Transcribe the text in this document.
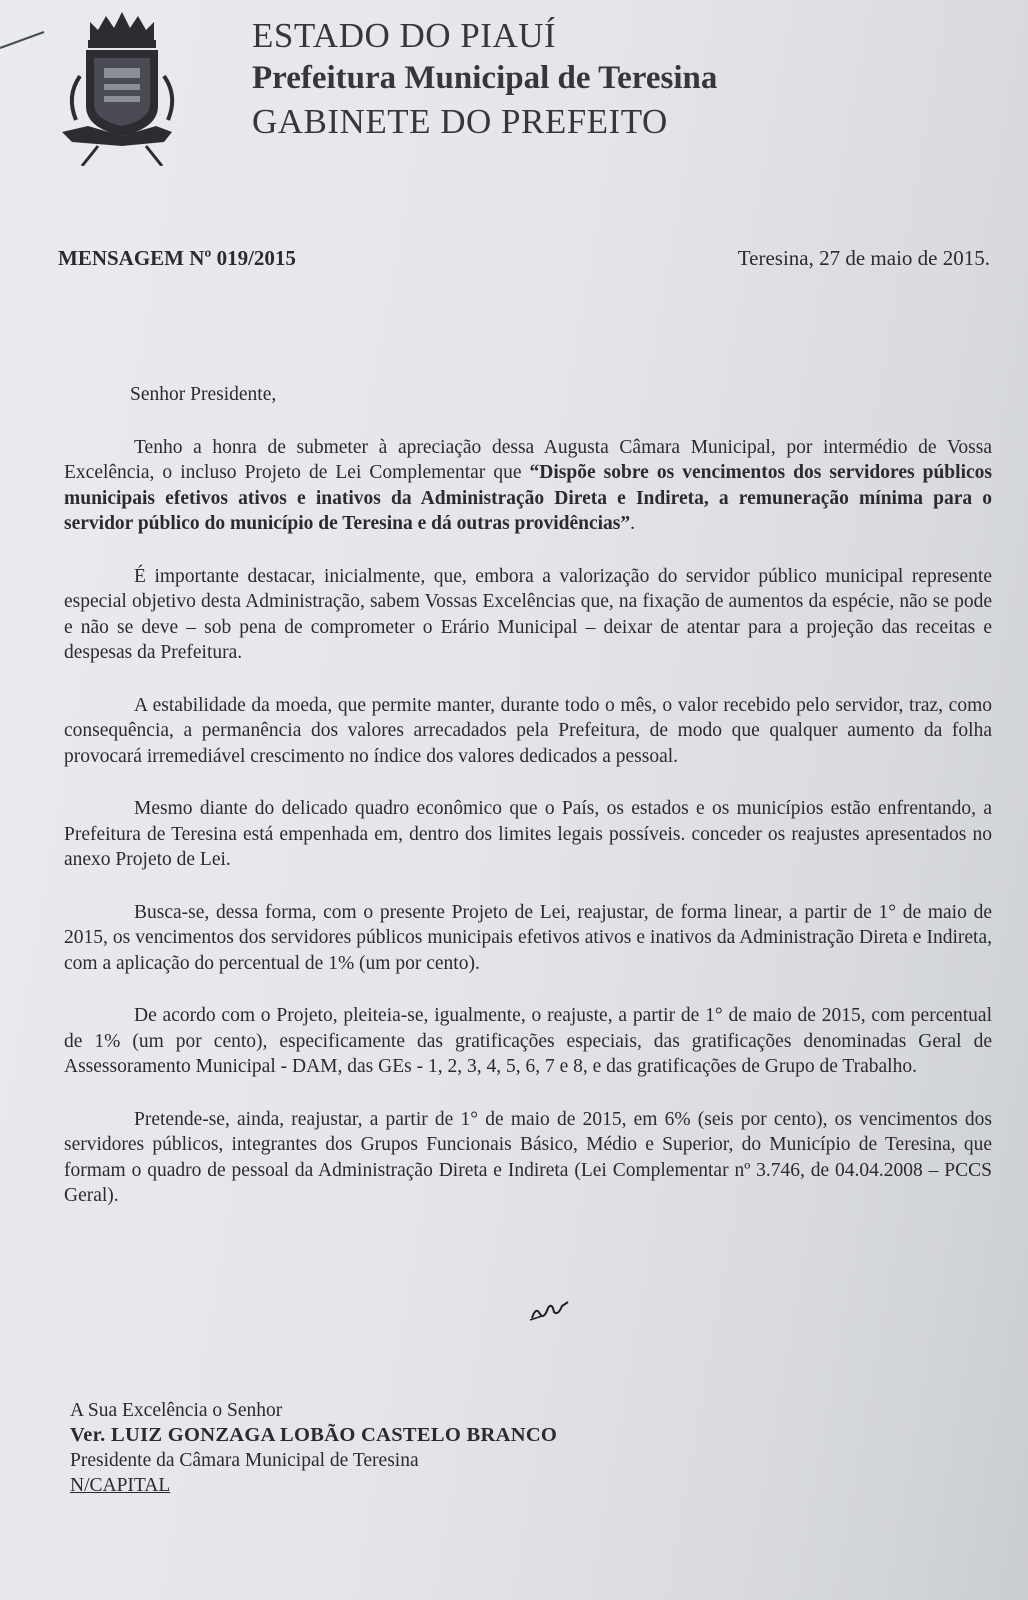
ESTADO DO PIAUÍ
Prefeitura Municipal de Teresina
GABINETE DO PREFEITO
MENSAGEM Nº 019/2015	Teresina, 27 de maio de 2015.

Senhor Presidente,

Tenho a honra de submeter à apreciação dessa Augusta Câmara Municipal, por intermédio de Vossa Excelência, o incluso Projeto de Lei Complementar que “Dispõe sobre os vencimentos dos servidores públicos municipais efetivos ativos e inativos da Administração Direta e Indireta, a remuneração mínima para o servidor público do município de Teresina e dá outras providências”.

É importante destacar, inicialmente, que, embora a valorização do servidor público municipal represente especial objetivo desta Administração, sabem Vossas Excelências que, na fixação de aumentos da espécie, não se pode e não se deve – sob pena de comprometer o Erário Municipal – deixar de atentar para a projeção das receitas e despesas da Prefeitura.

A estabilidade da moeda, que permite manter, durante todo o mês, o valor recebido pelo servidor, traz, como consequência, a permanência dos valores arrecadados pela Prefeitura, de modo que qualquer aumento da folha provocará irremediável crescimento no índice dos valores dedicados a pessoal.

Mesmo diante do delicado quadro econômico que o País, os estados e os municípios estão enfrentando, a Prefeitura de Teresina está empenhada em, dentro dos limites legais possíveis. conceder os reajustes apresentados no anexo Projeto de Lei.

Busca-se, dessa forma, com o presente Projeto de Lei, reajustar, de forma linear, a partir de 1° de maio de 2015, os vencimentos dos servidores públicos municipais efetivos ativos e inativos da Administração Direta e Indireta, com a aplicação do percentual de 1% (um por cento).

De acordo com o Projeto, pleiteia-se, igualmente, o reajuste, a partir de 1° de maio de 2015, com percentual de 1% (um por cento), especificamente das gratificações especiais, das gratificações denominadas Geral de Assessoramento Municipal - DAM, das GEs - 1, 2, 3, 4, 5, 6, 7 e 8, e das gratificações de Grupo de Trabalho.

Pretende-se, ainda, reajustar, a partir de 1° de maio de 2015, em 6% (seis por cento), os vencimentos dos servidores públicos, integrantes dos Grupos Funcionais Básico, Médio e Superior, do Município de Teresina, que formam o quadro de pessoal da Administração Direta e Indireta (Lei Complementar nº 3.746, de 04.04.2008 – PCCS Geral).

A Sua Excelência o Senhor
Ver. LUIZ GONZAGA LOBÃO CASTELO BRANCO
Presidente da Câmara Municipal de Teresina
N/CAPITAL
